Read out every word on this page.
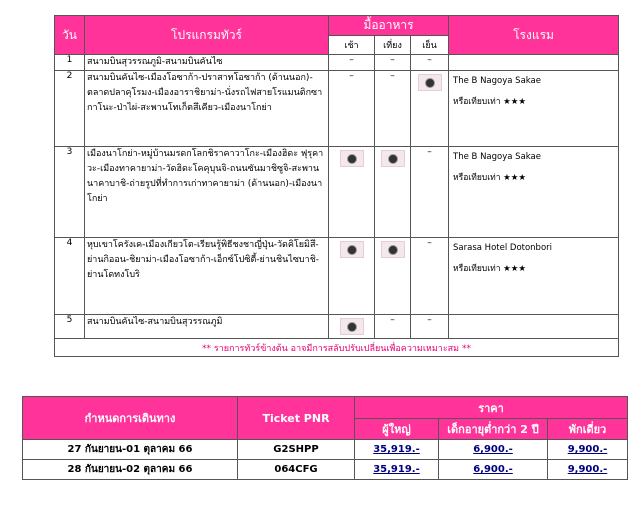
วัน	โปรแกรมทัวร์	มื้ออาหาร			โรงแรม
		เช้า	เที่ยง	เย็น	
1	สนามบินสุวรรณภูมิ-สนามบินคันไซ	–	–	–	
2	สนามบินคันไซ-เมืองโอซาก้า-ปราสาทโอซาก้า (ด้านนอก)-ตลาดปลาคุโรมง-เมืองอาราชิยาม่า-นั่งรถไฟสายโรแมนติกซากาโนะ-ป่าไผ่-สะพานโทเก็ตสึเคียว-เมืองนาโกย่า	–	–		The B Nagoya Sakae
หรือเทียบเท่า ★★★

3	เมืองนาโกย่า-หมู่บ้านมรดกโลกชิราคาวาโกะ-เมืองฮิดะ ฟุรุคาวะ-เมืองทาคายาม่า-วัดฮิดะโคคุบุนจิ-ถนนซันมาชิซูจิ-สะพานนาคาบาชิ-ถ่ายรูปที่ทำการเก่าทาคายาม่า (ด้านนอก)-เมืองนาโกย่า			–	The B Nagoya Sakae
หรือเทียบเท่า ★★★

4	หุบเขาโครังเค-เมืองเกียวโต-เรียนรู้พิธีชงชาญี่ปุ่น-วัดคิโยมิสึ-ย่านกิออน-ชิยาม่า-เมืองโอซาก้า-เอ็กซ์โปซิตี้-ย่านชินไซบาชิ-ย่านโดทงโบริ			–	Sarasa Hotel Dotonbori
หรือเทียบเท่า ★★★

5	สนามบินคันไซ-สนามบินสุวรรณภูมิ		–	–	
** รายการทัวร์ข้างต้น อาจมีการสลับปรับเปลี่ยนเพื่อความเหมาะสม **					
กำหนดการเดินทาง	Ticket PNR	ราคา		
		ผู้ใหญ่	เด็กอายุต่ำกว่า 2 ปี	พักเดี่ยว
27 กันยายน-01 ตุลาคม 66	G2SHPP	35,919.-	6,900.-	9,900.-
28 กันยายน-02 ตุลาคม 66	064CFG	35,919.-	6,900.-	9,900.-
